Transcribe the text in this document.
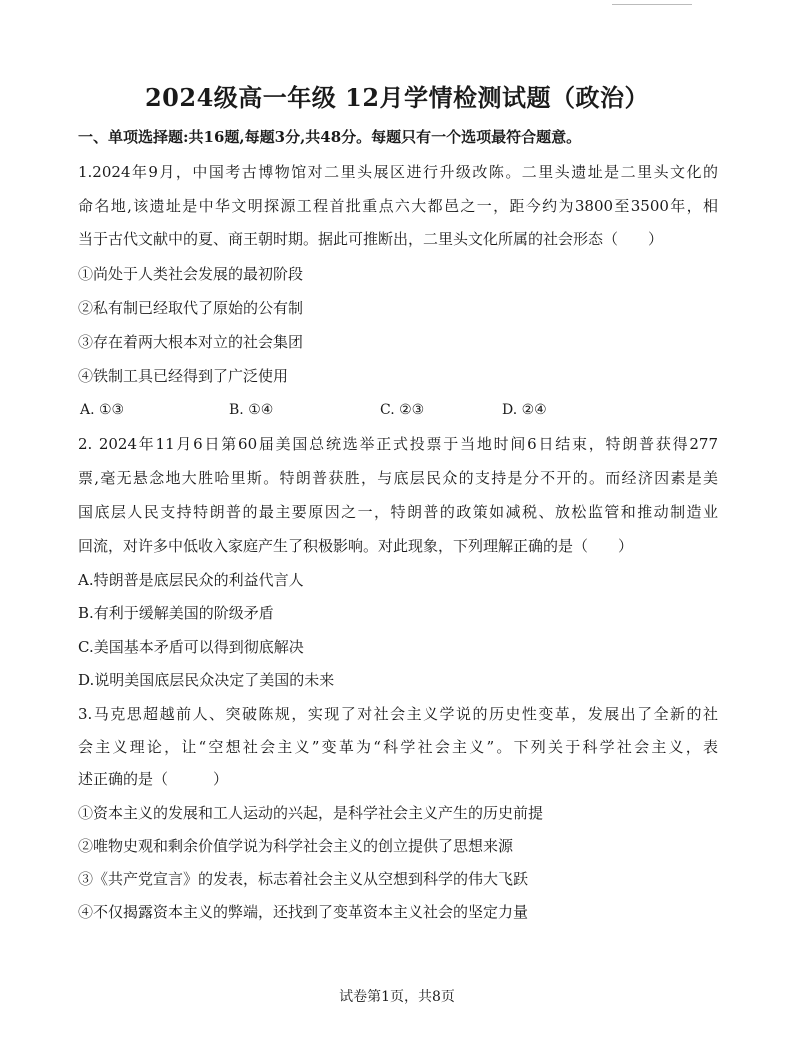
2024级高一年级 12月学情检测试题（政治）
一、单项选择题:共16题,每题3分,共48分。每题只有一个选项最符合题意。
1.2024年9月，中国考古博物馆对二里头展区进行升级改陈。二里头遗址是二里头文化的
命名地,该遗址是中华文明探源工程首批重点六大都邑之一，距今约为3800至3500年，相
当于古代文献中的夏、商王朝时期。据此可推断出，二里头文化所属的社会形态（　　）
①尚处于人类社会发展的最初阶段
②私有制已经取代了原始的公有制
③存在着两大根本对立的社会集团
④铁制工具已经得到了广泛使用
A. ①③	B. ①④	C. ②③	D. ②④
2. 2024年11月6日第60届美国总统选举正式投票于当地时间6日结束，特朗普获得277
票,毫无悬念地大胜哈里斯。特朗普获胜，与底层民众的支持是分不开的。而经济因素是美
国底层人民支持特朗普的最主要原因之一，特朗普的政策如减税、放松监管和推动制造业
回流，对许多中低收入家庭产生了积极影响。对此现象，下列理解正确的是（　　）
A.特朗普是底层民众的利益代言人
B.有利于缓解美国的阶级矛盾
C.美国基本矛盾可以得到彻底解决
D.说明美国底层民众决定了美国的未来
3.马克思超越前人、突破陈规，实现了对社会主义学说的历史性变革，发展出了全新的社
会主义理论，让“空想社会主义”变革为“科学社会主义”。下列关于科学社会主义，表
述正确的是（　　　）
①资本主义的发展和工人运动的兴起，是科学社会主义产生的历史前提
②唯物史观和剩余价值学说为科学社会主义的创立提供了思想来源
③《共产党宣言》的发表，标志着社会主义从空想到科学的伟大飞跃
④不仅揭露资本主义的弊端，还找到了变革资本主义社会的坚定力量
试卷第1页，共8页
